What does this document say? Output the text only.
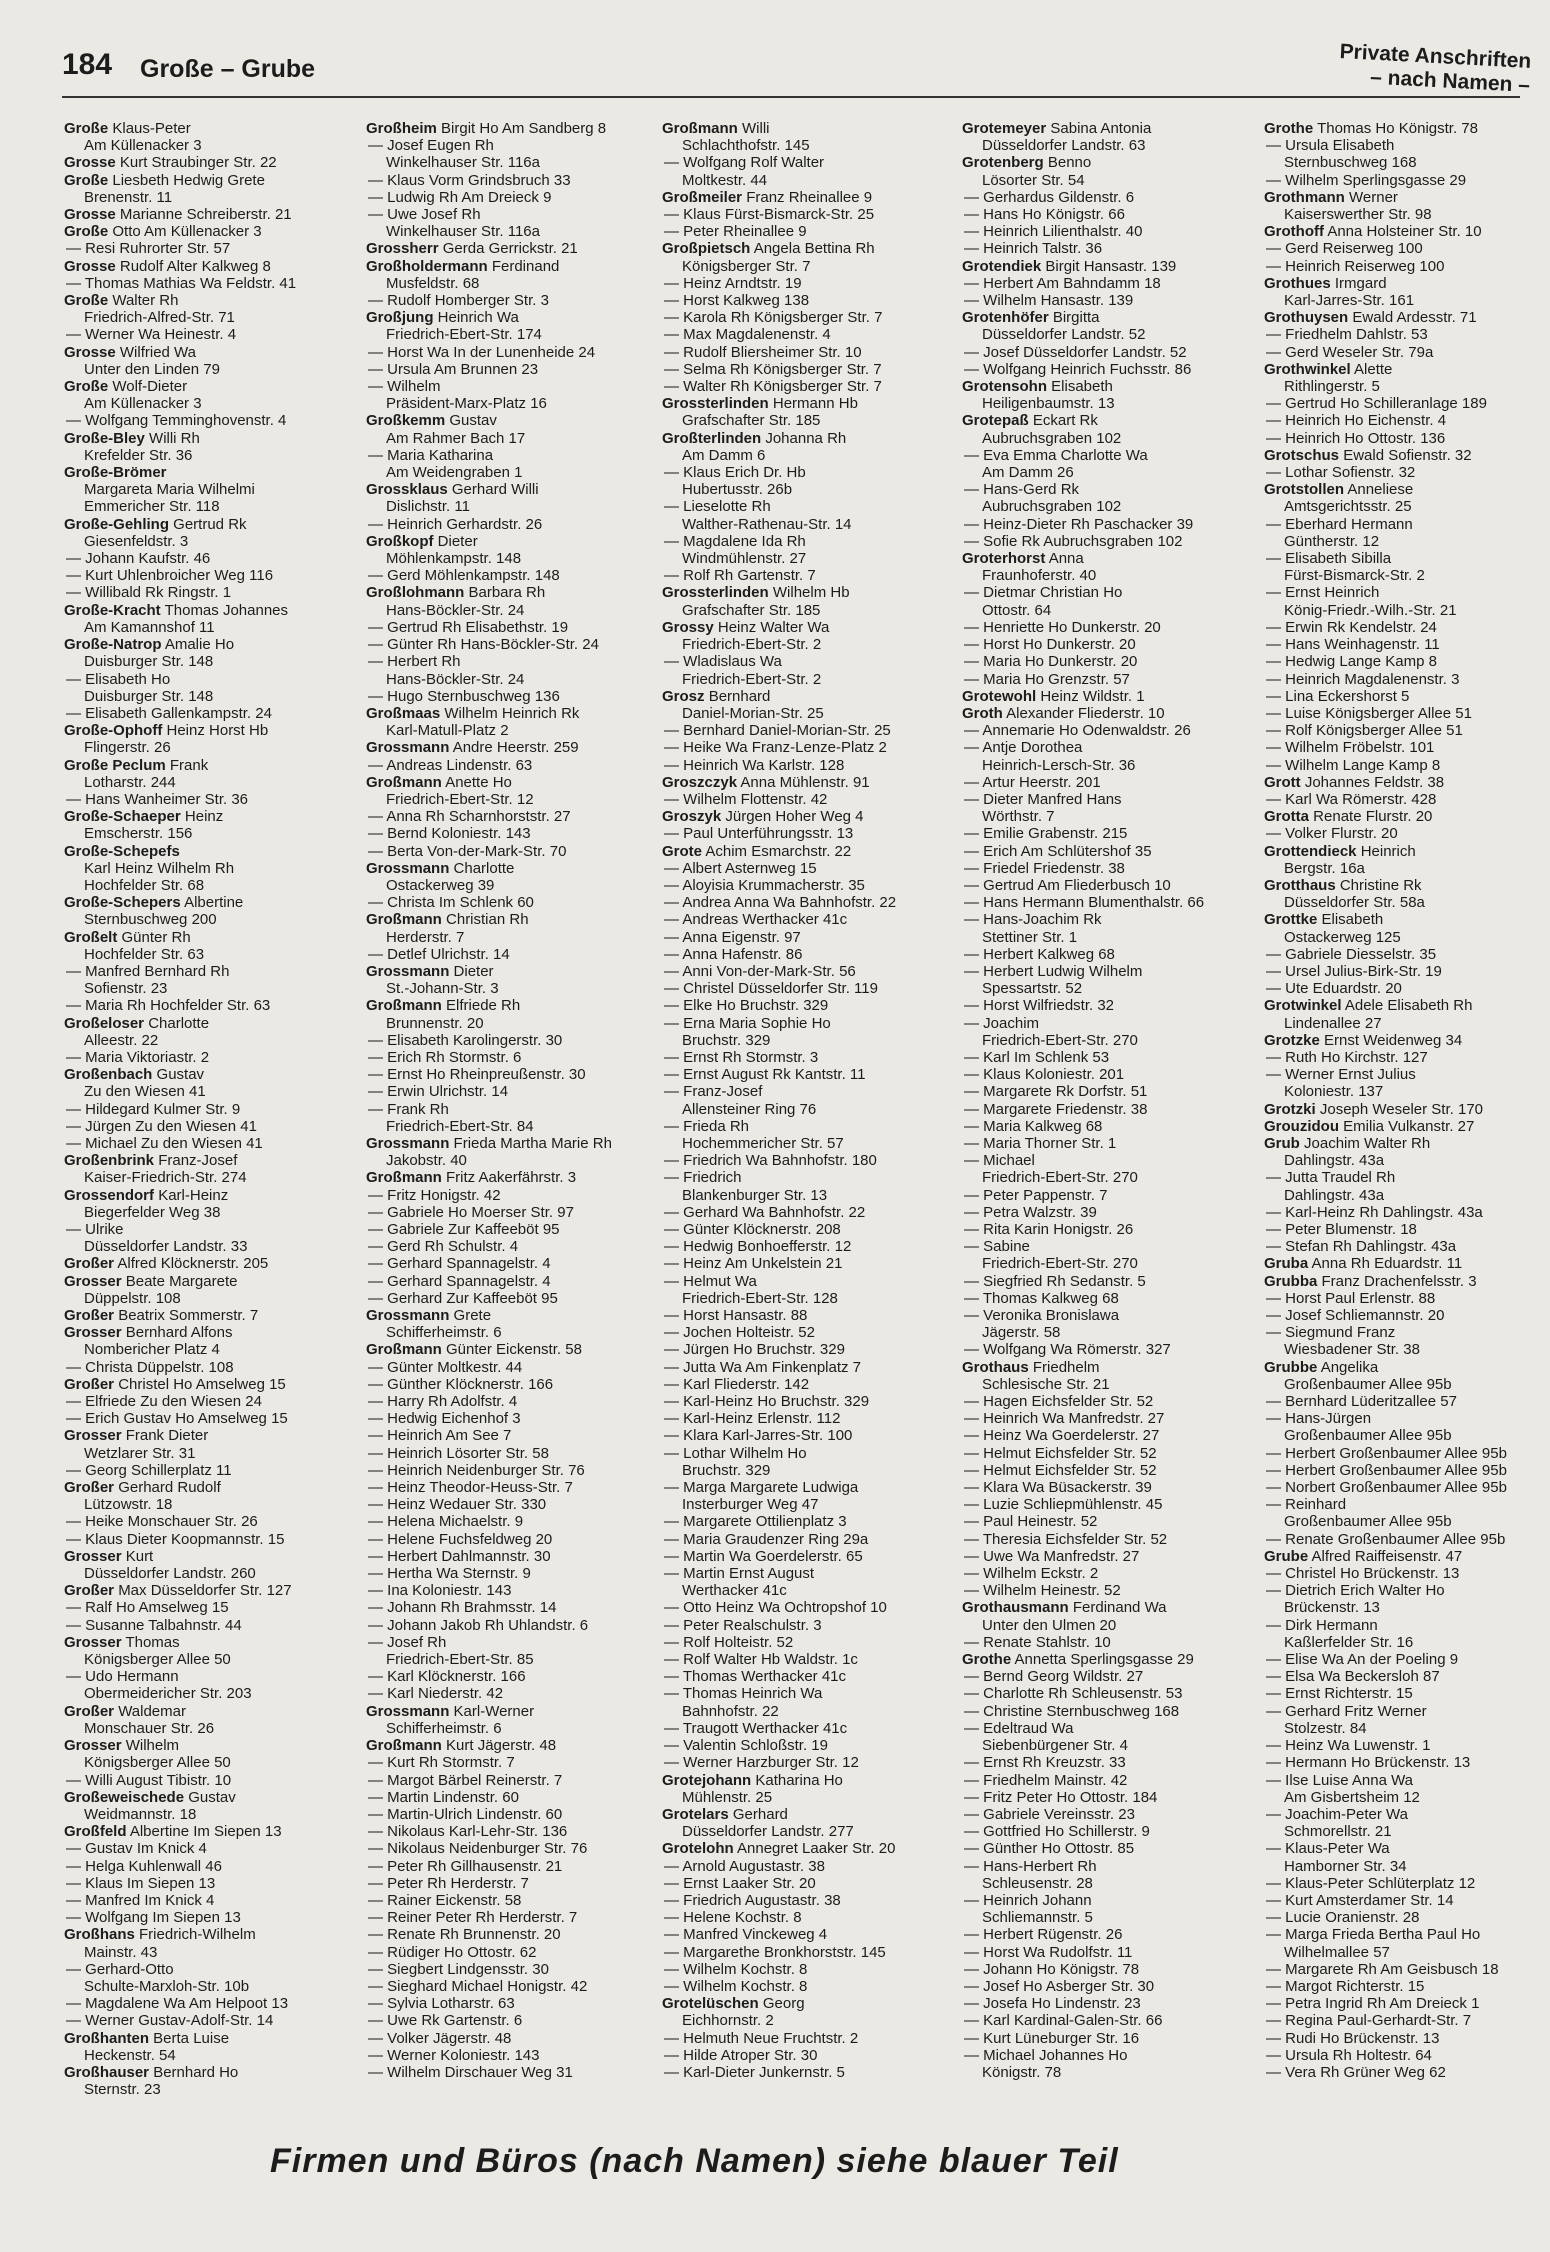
184 Große – Grube	Private Anschriften
– nach Namen –
Große Klaus-Peter
Am Küllenacker 3
Grosse Kurt Straubinger Str. 22
Große Liesbeth Hedwig Grete
Brenenstr. 11
Grosse Marianne Schreiberstr. 21
Große Otto Am Küllenacker 3
— Resi Ruhrorter Str. 57
Grosse Rudolf Alter Kalkweg 8
— Thomas Mathias Wa Feldstr. 41
Große Walter Rh
Friedrich-Alfred-Str. 71
— Werner Wa Heinestr. 4
Grosse Wilfried Wa
Unter den Linden 79
Große Wolf-Dieter
Am Küllenacker 3
— Wolfgang Temminghovenstr. 4
Große-Bley Willi Rh
Krefelder Str. 36
Große-Brömer
Margareta Maria Wilhelmi
Emmericher Str. 118
Große-Gehling Gertrud Rk
Giesenfeldstr. 3
— Johann Kaufstr. 46
— Kurt Uhlenbroicher Weg 116
— Willibald Rk Ringstr. 1
Große-Kracht Thomas Johannes
Am Kamannshof 11
Große-Natrop Amalie Ho
Duisburger Str. 148
— Elisabeth Ho
Duisburger Str. 148
— Elisabeth Gallenkampstr. 24
Große-Ophoff Heinz Horst Hb
Flingerstr. 26
Große Peclum Frank
Lotharstr. 244
— Hans Wanheimer Str. 36
Große-Schaeper Heinz
Emscherstr. 156
Große-Schepefs
Karl Heinz Wilhelm Rh
Hochfelder Str. 68
Große-Schepers Albertine
Sternbuschweg 200
Großelt Günter Rh
Hochfelder Str. 63
— Manfred Bernhard Rh
Sofienstr. 23
— Maria Rh Hochfelder Str. 63
Großeloser Charlotte
Alleestr. 22
— Maria Viktoriastr. 2
Großenbach Gustav
Zu den Wiesen 41
— Hildegard Kulmer Str. 9
— Jürgen Zu den Wiesen 41
— Michael Zu den Wiesen 41
Großenbrink Franz-Josef
Kaiser-Friedrich-Str. 274
Grossendorf Karl-Heinz
Biegerfelder Weg 38
— Ulrike
Düsseldorfer Landstr. 33
Großer Alfred Klöcknerstr. 205
Grosser Beate Margarete
Düppelstr. 108
Großer Beatrix Sommerstr. 7
Grosser Bernhard Alfons
Nombericher Platz 4
— Christa Düppelstr. 108
Großer Christel Ho Amselweg 15
— Elfriede Zu den Wiesen 24
— Erich Gustav Ho Amselweg 15
Grosser Frank Dieter
Wetzlarer Str. 31
— Georg Schillerplatz 11
Großer Gerhard Rudolf
Lützowstr. 18
— Heike Monschauer Str. 26
— Klaus Dieter Koopmannstr. 15
Grosser Kurt
Düsseldorfer Landstr. 260
Großer Max Düsseldorfer Str. 127
— Ralf Ho Amselweg 15
— Susanne Talbahnstr. 44
Grosser Thomas
Königsberger Allee 50
— Udo Hermann
Obermeidericher Str. 203
Großer Waldemar
Monschauer Str. 26
Grosser Wilhelm
Königsberger Allee 50
— Willi August Tibistr. 10
Großeweischede Gustav
Weidmannstr. 18
Großfeld Albertine Im Siepen 13
— Gustav Im Knick 4
— Helga Kuhlenwall 46
— Klaus Im Siepen 13
— Manfred Im Knick 4
— Wolfgang Im Siepen 13
Großhans Friedrich-Wilhelm
Mainstr. 43
— Gerhard-Otto
Schulte-Marxloh-Str. 10b
— Magdalene Wa Am Helpoot 13
— Werner Gustav-Adolf-Str. 14
Großhanten Berta Luise
Heckenstr. 54
Großhauser Bernhard Ho
Sternstr. 23
Großheim Birgit Ho Am Sandberg 8
— Josef Eugen Rh
Winkelhauser Str. 116a
— Klaus Vorm Grindsbruch 33
— Ludwig Rh Am Dreieck 9
— Uwe Josef Rh
Winkelhauser Str. 116a
Grossherr Gerda Gerrickstr. 21
Großholdermann Ferdinand
Musfeldstr. 68
— Rudolf Homberger Str. 3
Großjung Heinrich Wa
Friedrich-Ebert-Str. 174
— Horst Wa In der Lunenheide 24
— Ursula Am Brunnen 23
— Wilhelm
Präsident-Marx-Platz 16
Großkemm Gustav
Am Rahmer Bach 17
— Maria Katharina
Am Weidengraben 1
Grossklaus Gerhard Willi
Dislichstr. 11
— Heinrich Gerhardstr. 26
Großkopf Dieter
Möhlenkampstr. 148
— Gerd Möhlenkampstr. 148
Großlohmann Barbara Rh
Hans-Böckler-Str. 24
— Gertrud Rh Elisabethstr. 19
— Günter Rh Hans-Böckler-Str. 24
— Herbert Rh
Hans-Böckler-Str. 24
— Hugo Sternbuschweg 136
Großmaas Wilhelm Heinrich Rk
Karl-Matull-Platz 2
Grossmann Andre Heerstr. 259
— Andreas Lindenstr. 63
Großmann Anette Ho
Friedrich-Ebert-Str. 12
— Anna Rh Scharnhorststr. 27
— Bernd Koloniestr. 143
— Berta Von-der-Mark-Str. 70
Grossmann Charlotte
Ostackerweg 39
— Christa Im Schlenk 60
Großmann Christian Rh
Herderstr. 7
— Detlef Ulrichstr. 14
Grossmann Dieter
St.-Johann-Str. 3
Großmann Elfriede Rh
Brunnenstr. 20
— Elisabeth Karolingerstr. 30
— Erich Rh Stormstr. 6
— Ernst Ho Rheinpreußenstr. 30
— Erwin Ulrichstr. 14
— Frank Rh
Friedrich-Ebert-Str. 84
Grossmann Frieda Martha Marie Rh
Jakobstr. 40
Großmann Fritz Aakerfährstr. 3
— Fritz Honigstr. 42
— Gabriele Ho Moerser Str. 97
— Gabriele Zur Kaffeeböt 95
— Gerd Rh Schulstr. 4
— Gerhard Spannagelstr. 4
— Gerhard Spannagelstr. 4
— Gerhard Zur Kaffeeböt 95
Grossmann Grete
Schifferheimstr. 6
Großmann Günter Eickenstr. 58
— Günter Moltkestr. 44
— Günther Klöcknerstr. 166
— Harry Rh Adolfstr. 4
— Hedwig Eichenhof 3
— Heinrich Am See 7
— Heinrich Lösorter Str. 58
— Heinrich Neidenburger Str. 76
— Heinz Theodor-Heuss-Str. 7
— Heinz Wedauer Str. 330
— Helena Michaelstr. 9
— Helene Fuchsfeldweg 20
— Herbert Dahlmannstr. 30
— Hertha Wa Sternstr. 9
— Ina Koloniestr. 143
— Johann Rh Brahmsstr. 14
— Johann Jakob Rh Uhlandstr. 6
— Josef Rh
Friedrich-Ebert-Str. 85
— Karl Klöcknerstr. 166
— Karl Niederstr. 42
Grossmann Karl-Werner
Schifferheimstr. 6
Großmann Kurt Jägerstr. 48
— Kurt Rh Stormstr. 7
— Margot Bärbel Reinerstr. 7
— Martin Lindenstr. 60
— Martin-Ulrich Lindenstr. 60
— Nikolaus Karl-Lehr-Str. 136
— Nikolaus Neidenburger Str. 76
— Peter Rh Gillhausenstr. 21
— Peter Rh Herderstr. 7
— Rainer Eickenstr. 58
— Reiner Peter Rh Herderstr. 7
— Renate Rh Brunnenstr. 20
— Rüdiger Ho Ottostr. 62
— Siegbert Lindgensstr. 30
— Sieghard Michael Honigstr. 42
— Sylvia Lotharstr. 63
— Uwe Rk Gartenstr. 6
— Volker Jägerstr. 48
— Werner Koloniestr. 143
— Wilhelm Dirschauer Weg 31
Großmann Willi
Schlachthofstr. 145
— Wolfgang Rolf Walter
Moltkestr. 44
Großmeiler Franz Rheinallee 9
— Klaus Fürst-Bismarck-Str. 25
— Peter Rheinallee 9
Großpietsch Angela Bettina Rh
Königsberger Str. 7
— Heinz Arndtstr. 19
— Horst Kalkweg 138
— Karola Rh Königsberger Str. 7
— Max Magdalenenstr. 4
— Rudolf Bliersheimer Str. 10
— Selma Rh Königsberger Str. 7
— Walter Rh Königsberger Str. 7
Grossterlinden Hermann Hb
Grafschafter Str. 185
Großterlinden Johanna Rh
Am Damm 6
— Klaus Erich Dr. Hb
Hubertusstr. 26b
— Lieselotte Rh
Walther-Rathenau-Str. 14
— Magdalene Ida Rh
Windmühlenstr. 27
— Rolf Rh Gartenstr. 7
Grossterlinden Wilhelm Hb
Grafschafter Str. 185
Grossy Heinz Walter Wa
Friedrich-Ebert-Str. 2
— Wladislaus Wa
Friedrich-Ebert-Str. 2
Grosz Bernhard
Daniel-Morian-Str. 25
— Bernhard Daniel-Morian-Str. 25
— Heike Wa Franz-Lenze-Platz 2
— Heinrich Wa Karlstr. 128
Groszczyk Anna Mühlenstr. 91
— Wilhelm Flottenstr. 42
Groszyk Jürgen Hoher Weg 4
— Paul Unterführungsstr. 13
Grote Achim Esmarchstr. 22
— Albert Asternweg 15
— Aloyisia Krummacherstr. 35
— Andrea Anna Wa Bahnhofstr. 22
— Andreas Werthacker 41c
— Anna Eigenstr. 97
— Anna Hafenstr. 86
— Anni Von-der-Mark-Str. 56
— Christel Düsseldorfer Str. 119
— Elke Ho Bruchstr. 329
— Erna Maria Sophie Ho
Bruchstr. 329
— Ernst Rh Stormstr. 3
— Ernst August Rk Kantstr. 11
— Franz-Josef
Allensteiner Ring 76
— Frieda Rh
Hochemmericher Str. 57
— Friedrich Wa Bahnhofstr. 180
— Friedrich
Blankenburger Str. 13
— Gerhard Wa Bahnhofstr. 22
— Günter Klöcknerstr. 208
— Hedwig Bonhoefferstr. 12
— Heinz Am Unkelstein 21
— Helmut Wa
Friedrich-Ebert-Str. 128
— Horst Hansastr. 88
— Jochen Holteistr. 52
— Jürgen Ho Bruchstr. 329
— Jutta Wa Am Finkenplatz 7
— Karl Fliederstr. 142
— Karl-Heinz Ho Bruchstr. 329
— Karl-Heinz Erlenstr. 112
— Klara Karl-Jarres-Str. 100
— Lothar Wilhelm Ho
Bruchstr. 329
— Marga Margarete Ludwiga
Insterburger Weg 47
— Margarete Ottilienplatz 3
— Maria Graudenzer Ring 29a
— Martin Wa Goerdelerstr. 65
— Martin Ernst August
Werthacker 41c
— Otto Heinz Wa Ochtropshof 10
— Peter Realschulstr. 3
— Rolf Holteistr. 52
— Rolf Walter Hb Waldstr. 1c
— Thomas Werthacker 41c
— Thomas Heinrich Wa
Bahnhofstr. 22
— Traugott Werthacker 41c
— Valentin Schloßstr. 19
— Werner Harzburger Str. 12
Grotejohann Katharina Ho
Mühlenstr. 25
Grotelars Gerhard
Düsseldorfer Landstr. 277
Grotelohn Annegret Laaker Str. 20
— Arnold Augustastr. 38
— Ernst Laaker Str. 20
— Friedrich Augustastr. 38
— Helene Kochstr. 8
— Manfred Vinckeweg 4
— Margarethe Bronkhorststr. 145
— Wilhelm Kochstr. 8
— Wilhelm Kochstr. 8
Grotelüschen Georg
Eichhornstr. 2
— Helmuth Neue Fruchtstr. 2
— Hilde Atroper Str. 30
— Karl-Dieter Junkernstr. 5
Grotemeyer Sabina Antonia
Düsseldorfer Landstr. 63
Grotenberg Benno
Lösorter Str. 54
— Gerhardus Gildenstr. 6
— Hans Ho Königstr. 66
— Heinrich Lilienthalstr. 40
— Heinrich Talstr. 36
Grotendiek Birgit Hansastr. 139
— Herbert Am Bahndamm 18
— Wilhelm Hansastr. 139
Grotenhöfer Birgitta
Düsseldorfer Landstr. 52
— Josef Düsseldorfer Landstr. 52
— Wolfgang Heinrich Fuchsstr. 86
Grotensohn Elisabeth
Heiligenbaumstr. 13
Grotepaß Eckart Rk
Aubruchsgraben 102
— Eva Emma Charlotte Wa
Am Damm 26
— Hans-Gerd Rk
Aubruchsgraben 102
— Heinz-Dieter Rh Paschacker 39
— Sofie Rk Aubruchsgraben 102
Groterhorst Anna
Fraunhoferstr. 40
— Dietmar Christian Ho
Ottostr. 64
— Henriette Ho Dunkerstr. 20
— Horst Ho Dunkerstr. 20
— Maria Ho Dunkerstr. 20
— Maria Ho Grenzstr. 57
Grotewohl Heinz Wildstr. 1
Groth Alexander Fliederstr. 10
— Annemarie Ho Odenwaldstr. 26
— Antje Dorothea
Heinrich-Lersch-Str. 36
— Artur Heerstr. 201
— Dieter Manfred Hans
Wörthstr. 7
— Emilie Grabenstr. 215
— Erich Am Schlütershof 35
— Friedel Friedenstr. 38
— Gertrud Am Fliederbusch 10
— Hans Hermann Blumenthalstr. 66
— Hans-Joachim Rk
Stettiner Str. 1
— Herbert Kalkweg 68
— Herbert Ludwig Wilhelm
Spessartstr. 52
— Horst Wilfriedstr. 32
— Joachim
Friedrich-Ebert-Str. 270
— Karl Im Schlenk 53
— Klaus Koloniestr. 201
— Margarete Rk Dorfstr. 51
— Margarete Friedenstr. 38
— Maria Kalkweg 68
— Maria Thorner Str. 1
— Michael
Friedrich-Ebert-Str. 270
— Peter Pappenstr. 7
— Petra Walzstr. 39
— Rita Karin Honigstr. 26
— Sabine
Friedrich-Ebert-Str. 270
— Siegfried Rh Sedanstr. 5
— Thomas Kalkweg 68
— Veronika Bronislawa
Jägerstr. 58
— Wolfgang Wa Römerstr. 327
Grothaus Friedhelm
Schlesische Str. 21
— Hagen Eichsfelder Str. 52
— Heinrich Wa Manfredstr. 27
— Heinz Wa Goerdelerstr. 27
— Helmut Eichsfelder Str. 52
— Helmut Eichsfelder Str. 52
— Klara Wa Büsackerstr. 39
— Luzie Schliepmühlenstr. 45
— Paul Heinestr. 52
— Theresia Eichsfelder Str. 52
— Uwe Wa Manfredstr. 27
— Wilhelm Eckstr. 2
— Wilhelm Heinestr. 52
Grothausmann Ferdinand Wa
Unter den Ulmen 20
— Renate Stahlstr. 10
Grothe Annetta Sperlingsgasse 29
— Bernd Georg Wildstr. 27
— Charlotte Rh Schleusenstr. 53
— Christine Sternbuschweg 168
— Edeltraud Wa
Siebenbürgener Str. 4
— Ernst Rh Kreuzstr. 33
— Friedhelm Mainstr. 42
— Fritz Peter Ho Ottostr. 184
— Gabriele Vereinsstr. 23
— Gottfried Ho Schillerstr. 9
— Günther Ho Ottostr. 85
— Hans-Herbert Rh
Schleusenstr. 28
— Heinrich Johann
Schliemannstr. 5
— Herbert Rügenstr. 26
— Horst Wa Rudolfstr. 11
— Johann Ho Königstr. 78
— Josef Ho Asberger Str. 30
— Josefa Ho Lindenstr. 23
— Karl Kardinal-Galen-Str. 66
— Kurt Lüneburger Str. 16
— Michael Johannes Ho
Königstr. 78
Grothe Thomas Ho Königstr. 78
— Ursula Elisabeth
Sternbuschweg 168
— Wilhelm Sperlingsgasse 29
Grothmann Werner
Kaiserswerther Str. 98
Grothoff Anna Holsteiner Str. 10
— Gerd Reiserweg 100
— Heinrich Reiserweg 100
Grothues Irmgard
Karl-Jarres-Str. 161
Grothuysen Ewald Ardesstr. 71
— Friedhelm Dahlstr. 53
— Gerd Weseler Str. 79a
Grothwinkel Alette
Rithlingerstr. 5
— Gertrud Ho Schilleranlage 189
— Heinrich Ho Eichenstr. 4
— Heinrich Ho Ottostr. 136
Grotschus Ewald Sofienstr. 32
— Lothar Sofienstr. 32
Grotstollen Anneliese
Amtsgerichtsstr. 25
— Eberhard Hermann
Güntherstr. 12
— Elisabeth Sibilla
Fürst-Bismarck-Str. 2
— Ernst Heinrich
König-Friedr.-Wilh.-Str. 21
— Erwin Rk Kendelstr. 24
— Hans Weinhagenstr. 11
— Hedwig Lange Kamp 8
— Heinrich Magdalenenstr. 3
— Lina Eckershorst 5
— Luise Königsberger Allee 51
— Rolf Königsberger Allee 51
— Wilhelm Fröbelstr. 101
— Wilhelm Lange Kamp 8
Grott Johannes Feldstr. 38
— Karl Wa Römerstr. 428
Grotta Renate Flurstr. 20
— Volker Flurstr. 20
Grottendieck Heinrich
Bergstr. 16a
Grotthaus Christine Rk
Düsseldorfer Str. 58a
Grottke Elisabeth
Ostackerweg 125
— Gabriele Diesselstr. 35
— Ursel Julius-Birk-Str. 19
— Ute Eduardstr. 20
Grotwinkel Adele Elisabeth Rh
Lindenallee 27
Grotzke Ernst Weidenweg 34
— Ruth Ho Kirchstr. 127
— Werner Ernst Julius
Koloniestr. 137
Grotzki Joseph Weseler Str. 170
Grouzidou Emilia Vulkanstr. 27
Grub Joachim Walter Rh
Dahlingstr. 43a
— Jutta Traudel Rh
Dahlingstr. 43a
— Karl-Heinz Rh Dahlingstr. 43a
— Peter Blumenstr. 18
— Stefan Rh Dahlingstr. 43a
Gruba Anna Rh Eduardstr. 11
Grubba Franz Drachenfelsstr. 3
— Horst Paul Erlenstr. 88
— Josef Schliemannstr. 20
— Siegmund Franz
Wiesbadener Str. 38
Grubbe Angelika
Großenbaumer Allee 95b
— Bernhard Lüderitzallee 57
— Hans-Jürgen
Großenbaumer Allee 95b
— Herbert Großenbaumer Allee 95b
— Herbert Großenbaumer Allee 95b
— Norbert Großenbaumer Allee 95b
— Reinhard
Großenbaumer Allee 95b
— Renate Großenbaumer Allee 95b
Grube Alfred Raiffeisenstr. 47
— Christel Ho Brückenstr. 13
— Dietrich Erich Walter Ho
Brückenstr. 13
— Dirk Hermann
Kaßlerfelder Str. 16
— Elise Wa An der Poeling 9
— Elsa Wa Beckersloh 87
— Ernst Richterstr. 15
— Gerhard Fritz Werner
Stolzestr. 84
— Heinz Wa Luwenstr. 1
— Hermann Ho Brückenstr. 13
— Ilse Luise Anna Wa
Am Gisbertsheim 12
— Joachim-Peter Wa
Schmorellstr. 21
— Klaus-Peter Wa
Hamborner Str. 34
— Klaus-Peter Schlüterplatz 12
— Kurt Amsterdamer Str. 14
— Lucie Oranienstr. 28
— Marga Frieda Bertha Paul Ho
Wilhelmallee 57
— Margarete Rh Am Geisbusch 18
— Margot Richterstr. 15
— Petra Ingrid Rh Am Dreieck 1
— Regina Paul-Gerhardt-Str. 7
— Rudi Ho Brückenstr. 13
— Ursula Rh Holtestr. 64
— Vera Rh Grüner Weg 62
Firmen und Büros (nach Namen) siehe blauer Teil
